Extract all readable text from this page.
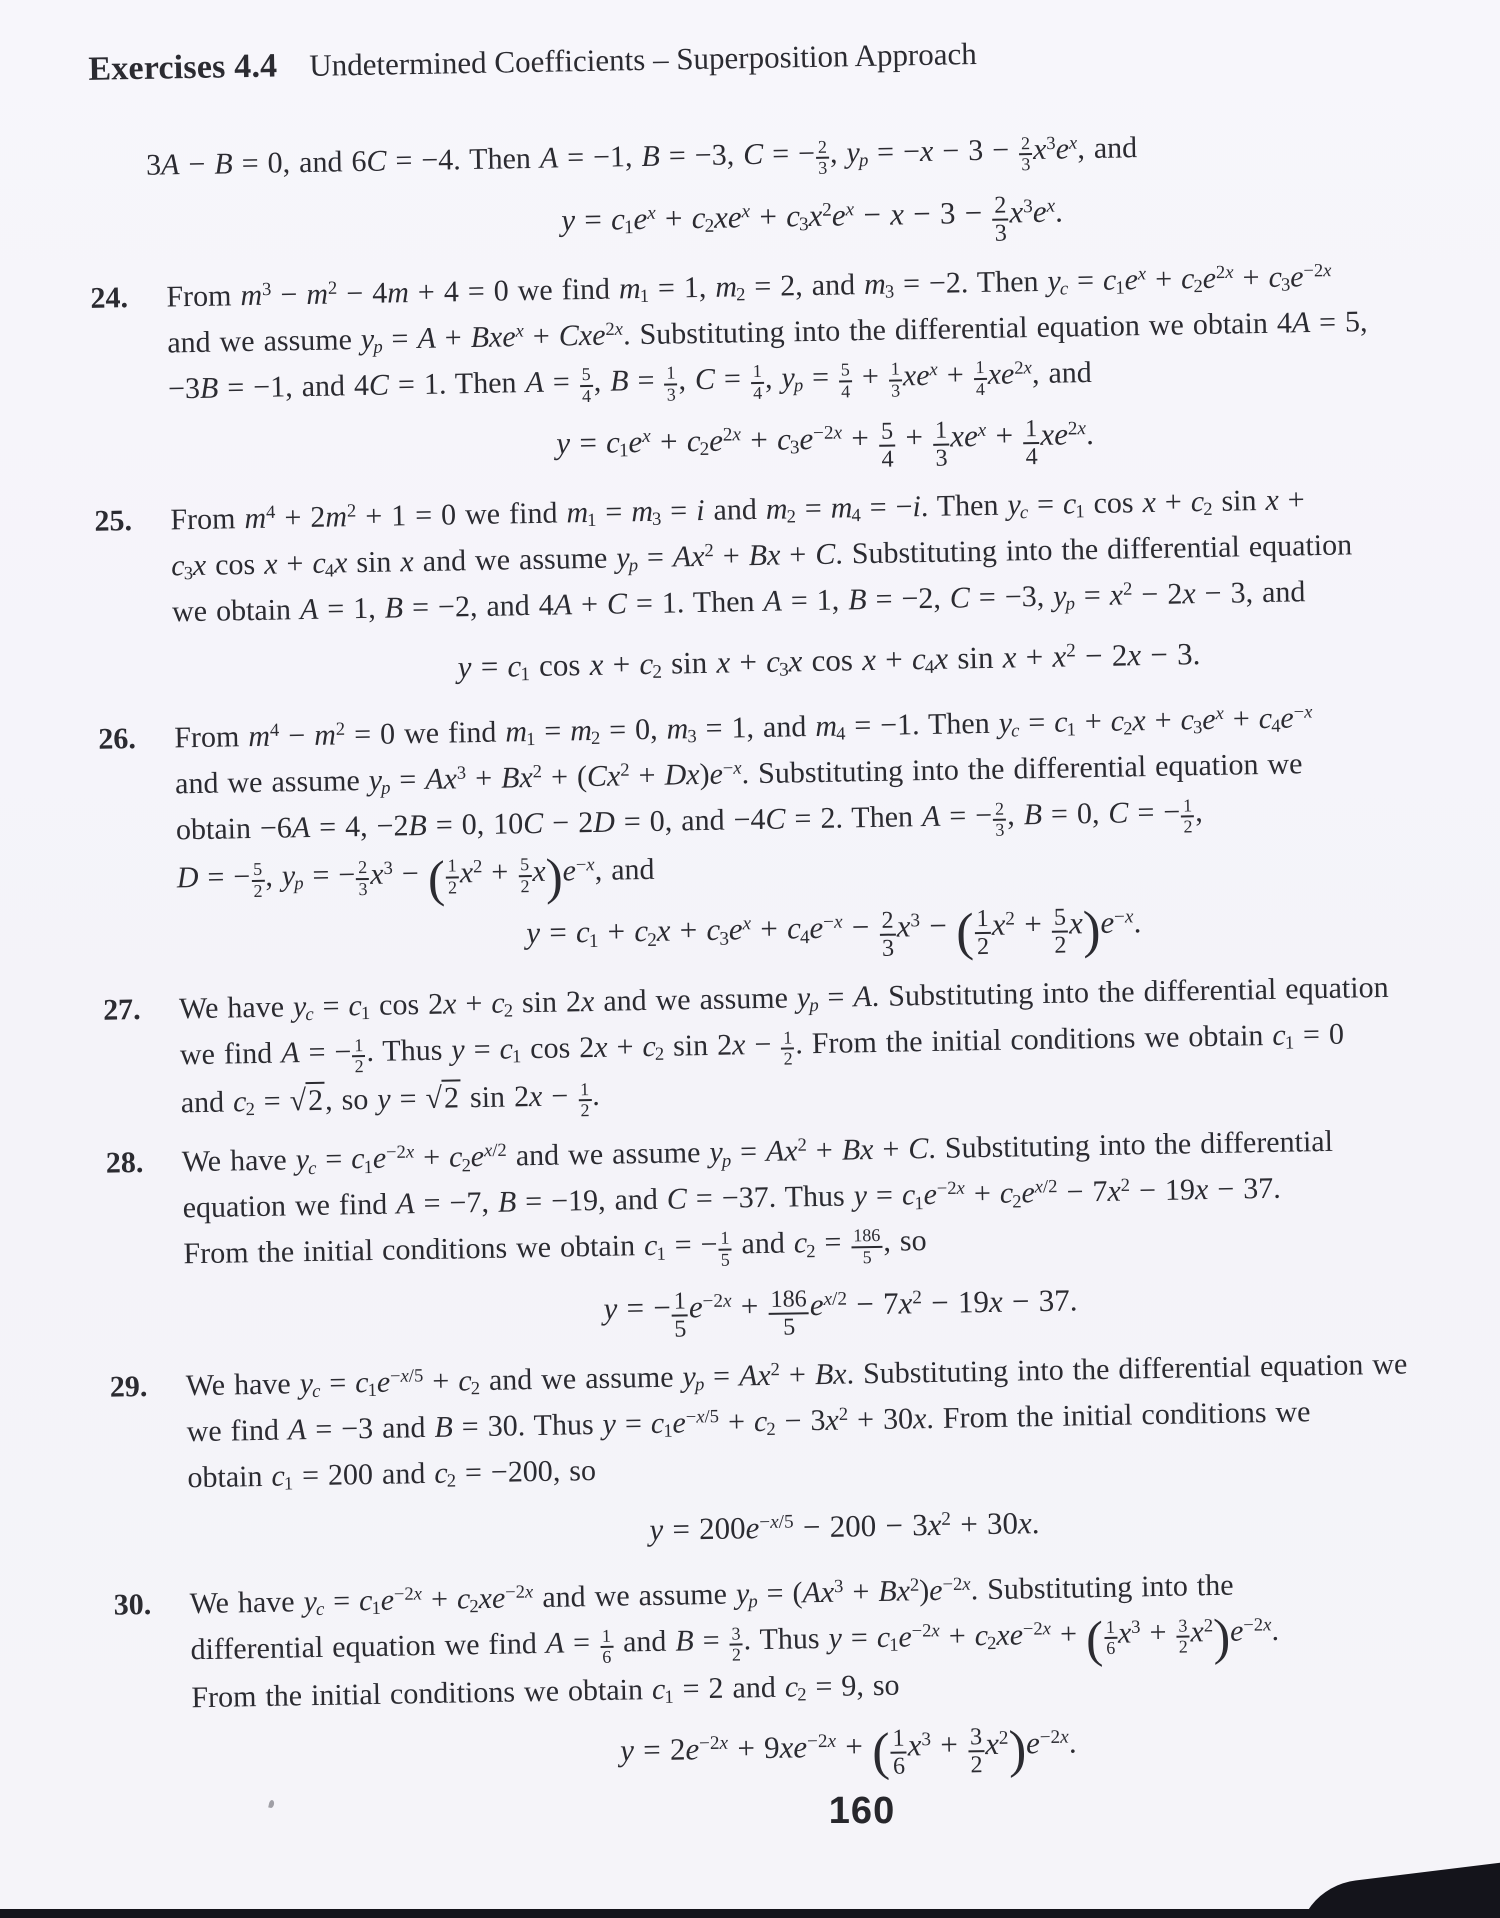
Exercises 4.4 Undetermined Coefficients – Superposition Approach
3A − B = 0, and 6C = −4. Then A = −1, B = −3, C = − $\frac{2}{3}$ , $y_p = -x - 3 - \frac{2}{3} x^3e^x$, and
$y = c_1e^x + c_2xe^x + c_3x^2e^x - x - 3 - \frac{2}{3} x^3e^x$.
24.	From $m^3 - m^2 - 4m + 4 = 0$ we find $m_1 = 1$, $m_2 = 2$, and $m_3 = -2$. Then $y_c = c_1e^x + c_2e^{2x} + c_3e^{-2x}$
and we assume $y_p = A + Bxe^x + Cxe^{2x}$. Substituting into the differential equation we obtain 4A = 5,
−3B = −1, and 4C = 1. Then $A = \frac{5}{4}$ , $B = \frac{1}{3}$ , $C = \frac{1}{4}$ , $y_p = \frac{5}{4} + \frac{1}{3} xe^x + \frac{1}{4} xe^{2x}$, and
$y = c_1e^x + c_2e^{2x} + c_3e^{-2x} + \frac{5}{4} + \frac{1}{3} xe^x + \frac{1}{4} xe^{2x}$.
25.	From $m^4 + 2m^2 + 1 = 0$ we find $m_1 = m_3 = i$ and $m_2 = m_4 = -i$. Then $y_c = c_1$ $\cos x + c_2$ sin x +
$c_3x$ $\cos x + c_4x$ sin x and we assume $y_p = Ax^2 + Bx + C$. Substituting into the differential equation
we obtain A = 1, B = −2, and 4A + C = 1. Then A = 1, B = −2, C = −3, $y_p = x^2 - 2x - 3$, and
$y = c_1$ $\cos x + c_2$ $\sin x + c_3x$ $\cos x + c_4x$ $\sin x + x^2 - 2x - 3$.
26.	From $m^4 - m^2 = 0$ we find $m_1 = m_2 = 0$, $m_3 = 1$, and $m_4 = -1$. Then $y_c = c_1 + c_2x + c_3e^x + c_4e^{-x}$
and we assume $y_p = Ax^3 + Bx^2 + (Cx^2 + Dx)e^{-x}$. Substituting into the differential equation we
obtain −6A = 4, −2B = 0, 10C − 2D = 0, and −4C = 2. Then A = − $\frac{2}{3}$ , B = 0, C = − $\frac{1}{2}$ ,
D = − $\frac{5}{2}$ , $y_p$ = − $\frac{2}{3} x^3$ − ( $\frac{1}{2} x^2 + \frac{5}{2} x)e^{-x}$, and
$y = c_1 + c_2x + c_3e^x + c_4e^{-x} - \frac{2}{3} x^3$ − ( $\frac{1}{2} x^2 + \frac{5}{2} x)e^{-x}$.
27.	We have $y_c = c_1$ $\cos 2x + c_2$ sin 2x and we assume $y_p = A$. Substituting into the differential equation
we find A = − $\frac{1}{2}$ . Thus $y = c_1$ $\cos 2x + c_2$ $\sin 2x - \frac{1}{2}$ . From the initial conditions we obtain $c_1 = 0$
and $c_2 = √2$, so y = √2 $\sin 2x - \frac{1}{2}$ .
28.	We have $y_c = c_1e^{-2x} + c_2e^{x/2}$ and we assume $y_p = Ax^2 + Bx + C$. Substituting into the differential
equation we find A = −7, B = −19, and C = −37. Thus $y = c_1e^{-2x} + c_2e^{x/2} - 7x^2 - 19x - 37$.
From the initial conditions we obtain $c_1$ = − $\frac{1}{5}$ and $c_2 = \frac{186}{5}$ , so
y = − $\frac{1}{5} e^{-2x} + \frac{186}{5} e^{x/2} - 7x^2 - 19x - 37$.
29.	We have $y_c = c_1e^{-x/5} + c_2$ and we assume $y_p = Ax^2 + Bx$. Substituting into the differential equation we
we find A = −3 and B = 30. Thus $y = c_1e^{-x/5} + c_2 - 3x^2 + 30x$. From the initial conditions we
obtain $c_1 = 200$ and $c_2 = -200$, so
$y = 200e^{-x/5} - 200 - 3x^2 + 30x$.
30.	We have $y_c = c_1e^{-2x} + c_2xe^{-2x}$ and we assume $y_p = (Ax^3 + Bx^2)e^{-2x}$. Substituting into the
differential equation we find $A = \frac{1}{6}$ and $B = \frac{3}{2}$ . Thus $y = c_1e^{-2x} + c_2xe^{-2x}$ + ( $\frac{1}{6} x^3 + \frac{3}{2} x^2)e^{-2x}$.
From the initial conditions we obtain $c_1 = 2$ and $c_2 = 9$, so
$y = 2e^{-2x} + 9xe^{-2x}$ + ( $\frac{1}{6} x^3 + \frac{3}{2} x^2)e^{-2x}$.
160
